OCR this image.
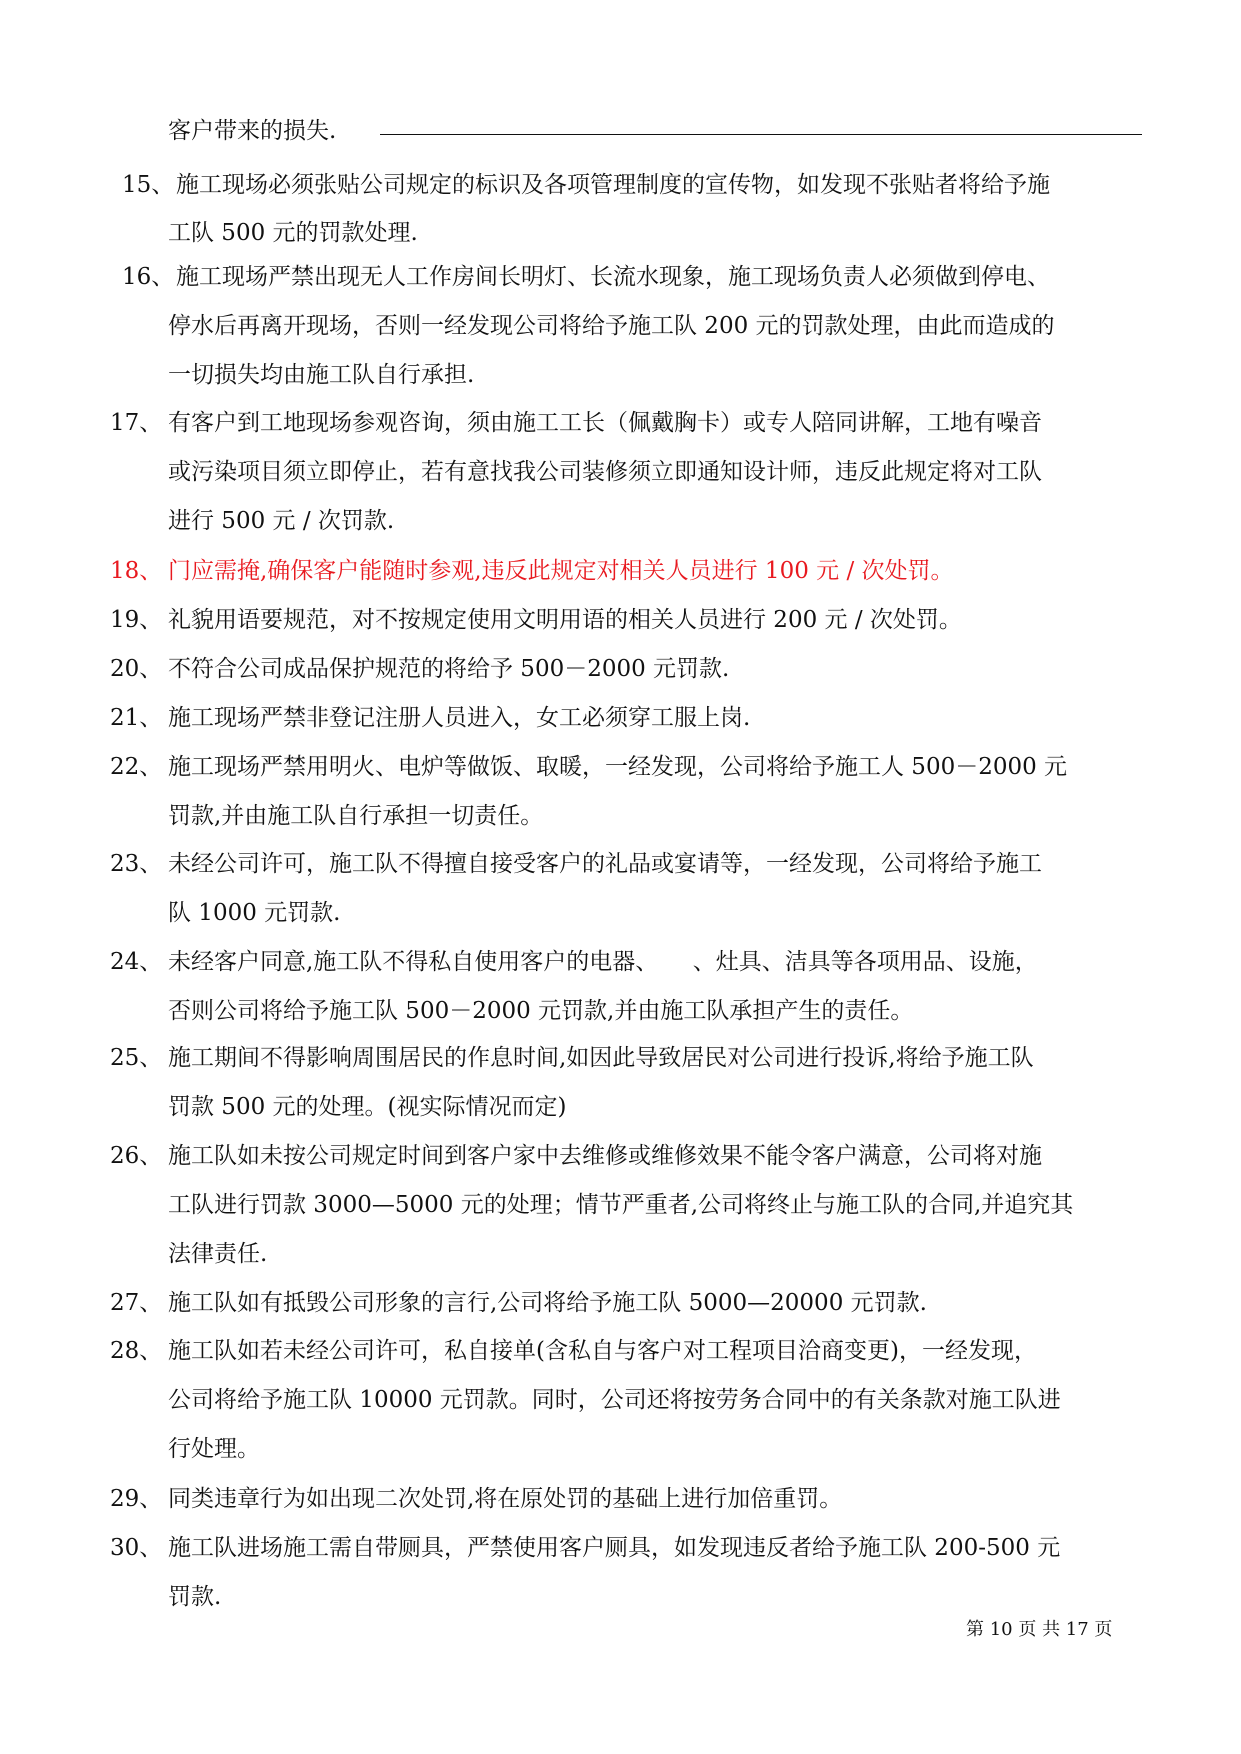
客户带来的损失.
15、 施工现场必须张贴公司规定的标识及各项管理制度的宣传物，如发现不张贴者将给予施
工队 500 元的罚款处理.
16、 施工现场严禁出现无人工作房间长明灯、长流水现象，施工现场负责人必须做到停电、
停水后再离开现场，否则一经发现公司将给予施工队 200 元的罚款处理，由此而造成的
一切损失均由施工队自行承担.
17、 有客户到工地现场参观咨询，须由施工工长（佩戴胸卡）或专人陪同讲解，工地有噪音
或污染项目须立即停止，若有意找我公司装修须立即通知设计师，违反此规定将对工队
进行 500 元 / 次罚款.
18、 门应需掩,确保客户能随时参观,违反此规定对相关人员进行 100 元 / 次处罚。
19、 礼貌用语要规范，对不按规定使用文明用语的相关人员进行 200 元 / 次处罚。
20、 不符合公司成品保护规范的将给予 500－2000 元罚款.
21、 施工现场严禁非登记注册人员进入，女工必须穿工服上岗.
22、 施工现场严禁用明火、电炉等做饭、取暖，一经发现，公司将给予施工人 500－2000 元
罚款,并由施工队自行承担一切责任。
23、 未经公司许可，施工队不得擅自接受客户的礼品或宴请等，一经发现，公司将给予施工
队 1000 元罚款.
24、 未经客户同意,施工队不得私自使用客户的电器、　　、灶具、洁具等各项用品、设施，
否则公司将给予施工队 500－2000 元罚款,并由施工队承担产生的责任。
25、 施工期间不得影响周围居民的作息时间,如因此导致居民对公司进行投诉,将给予施工队
罚款 500 元的处理。(视实际情况而定)
26、 施工队如未按公司规定时间到客户家中去维修或维修效果不能令客户满意，公司将对施
工队进行罚款 3000—5000 元的处理；情节严重者,公司将终止与施工队的合同,并追究其
法律责任.
27、 施工队如有抵毁公司形象的言行,公司将给予施工队 5000—20000 元罚款.
28、 施工队如若未经公司许可，私自接单(含私自与客户对工程项目洽商变更)，一经发现，
公司将给予施工队 10000 元罚款。同时，公司还将按劳务合同中的有关条款对施工队进
行处理。
29、 同类违章行为如出现二次处罚,将在原处罚的基础上进行加倍重罚。
30、 施工队进场施工需自带厕具，严禁使用客户厕具，如发现违反者给予施工队 200-500 元
罚款.
第 10 页 共 17 页
